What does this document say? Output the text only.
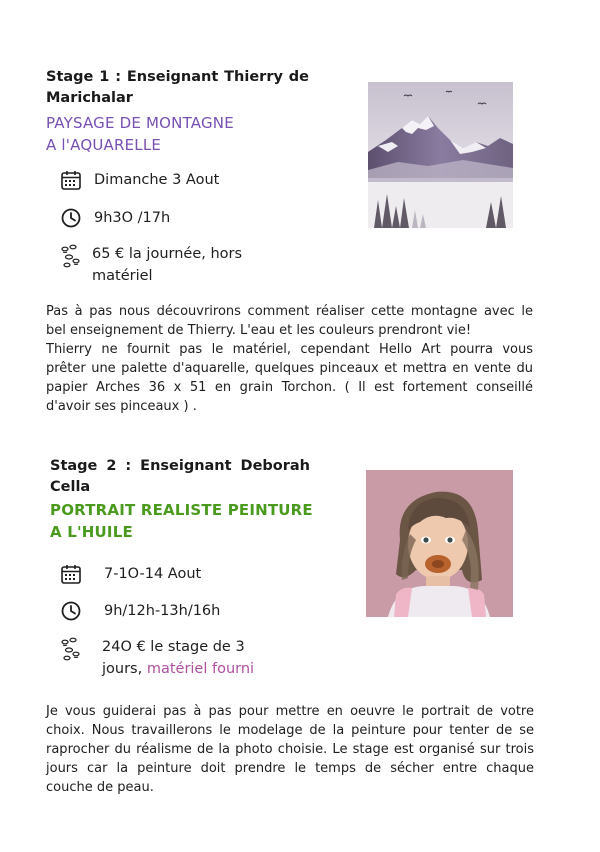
Stage 1 : Enseignant Thierry de Marichalar
PAYSAGE DE MONTAGNE
A l'AQUARELLE
Dimanche 3 Aout
9h3O /17h
65 € la journée, hors
matériel
Pas à pas nous découvrirons comment réaliser cette montagne avec le
bel enseignement de Thierry. L'eau et les couleurs prendront vie!
Thierry ne fournit pas le matériel, cependant Hello Art pourra vous
prêter une palette d'aquarelle, quelques pinceaux et mettra en vente du
papier Arches 36 x 51 en grain Torchon. ( Il est fortement conseillé
d'avoir ses pinceaux ) .
Stage 2 : Enseignant Deborah Cella
PORTRAIT REALISTE PEINTURE
A L'HUILE
7-1O-14 Aout
9h/12h-13h/16h
24O € le stage de 3
jours, matériel fourni
Je vous guiderai pas à pas pour mettre en oeuvre le portrait de votre
choix. Nous travaillerons le modelage de la peinture pour tenter de se
raprocher du réalisme de la photo choisie. Le stage est organisé sur trois
jours car la peinture doit prendre le temps de sécher entre chaque
couche de peau.
